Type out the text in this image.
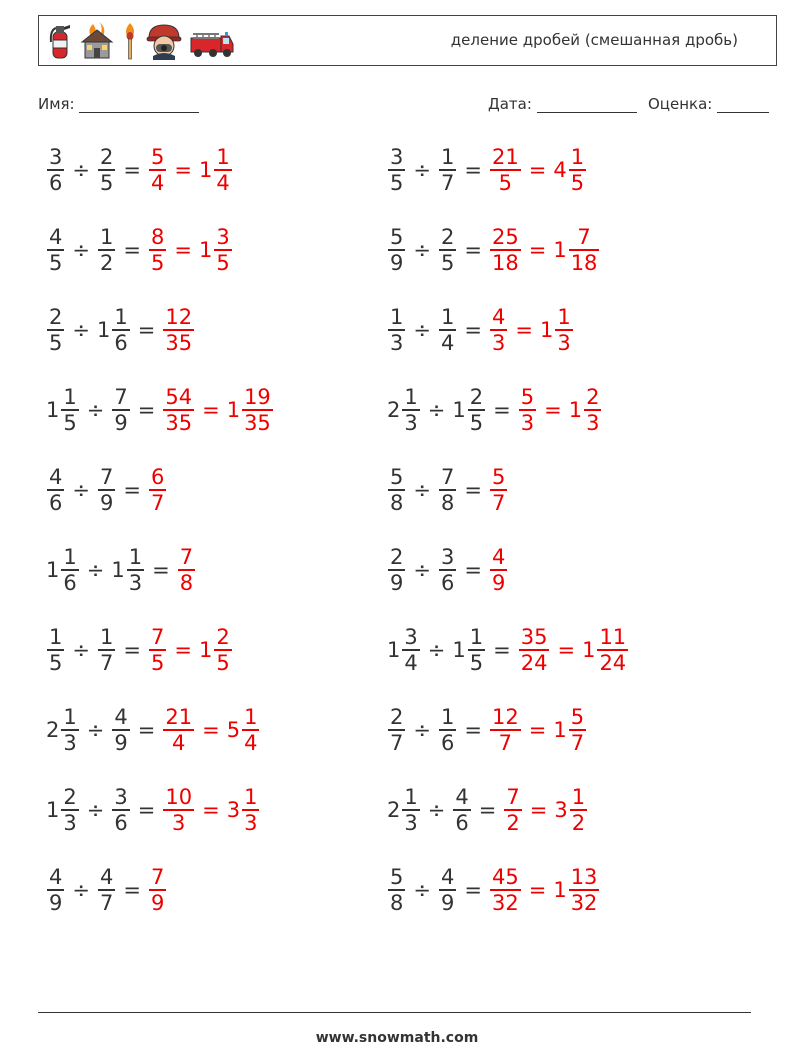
деление дробей (смешанная дробь)
Имя:	Дата:	Оценка:
$\frac{3}{6} \div \frac{2}{5} = \frac{5}{4} = 1 \frac{1}{4}$	$\frac{3}{5} \div \frac{1}{7} = \frac{21}{5} = 4 \frac{1}{5}$
$\frac{4}{5} \div \frac{1}{2} = \frac{8}{5} = 1 \frac{3}{5}$	$\frac{5}{9} \div \frac{2}{5} = \frac{25}{18} = 1 \frac{7}{18}$
$\frac{2}{5} \div 1 \frac{1}{6} = \frac{12}{35}$	$\frac{1}{3} \div \frac{1}{4} = \frac{4}{3} = 1 \frac{1}{3}$
$1 \frac{1}{5} \div \frac{7}{9} = \frac{54}{35} = 1 \frac{19}{35}$	$2 \frac{1}{3} \div 1 \frac{2}{5} = \frac{5}{3} = 1 \frac{2}{3}$
$\frac{4}{6} \div \frac{7}{9} = \frac{6}{7}$	$\frac{5}{8} \div \frac{7}{8} = \frac{5}{7}$
$1 \frac{1}{6} \div 1 \frac{1}{3} = \frac{7}{8}$	$\frac{2}{9} \div \frac{3}{6} = \frac{4}{9}$
$\frac{1}{5} \div \frac{1}{7} = \frac{7}{5} = 1 \frac{2}{5}$	$1 \frac{3}{4} \div 1 \frac{1}{5} = \frac{35}{24} = 1 \frac{11}{24}$
$2 \frac{1}{3} \div \frac{4}{9} = \frac{21}{4} = 5 \frac{1}{4}$	$\frac{2}{7} \div \frac{1}{6} = \frac{12}{7} = 1 \frac{5}{7}$
$1 \frac{2}{3} \div \frac{3}{6} = \frac{10}{3} = 3 \frac{1}{3}$	$2 \frac{1}{3} \div \frac{4}{6} = \frac{7}{2} = 3 \frac{1}{2}$
$\frac{4}{9} \div \frac{4}{7} = \frac{7}{9}$	$\frac{5}{8} \div \frac{4}{9} = \frac{45}{32} = 1 \frac{13}{32}$
www.snowmath.com
